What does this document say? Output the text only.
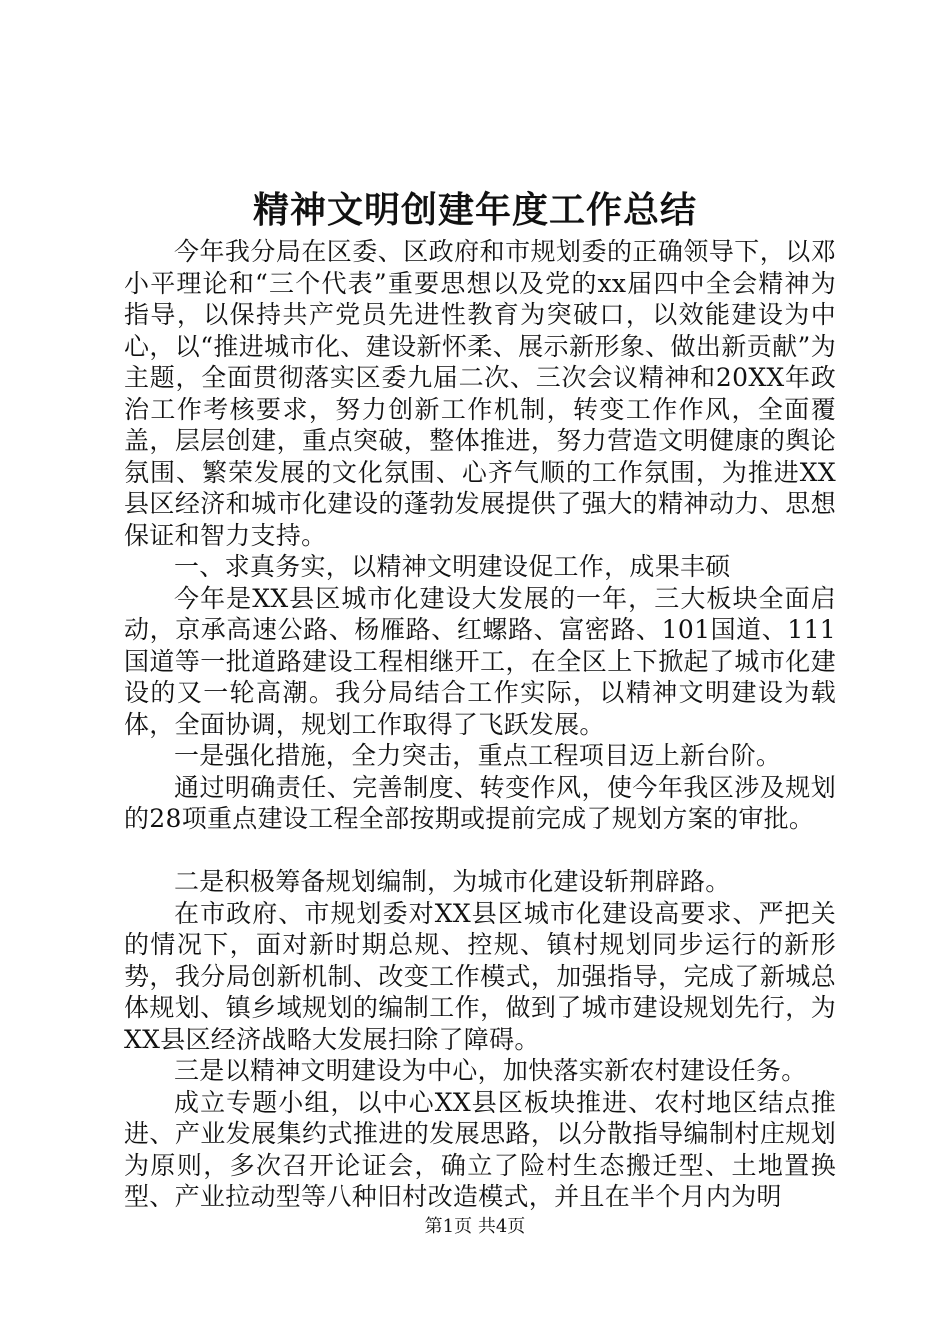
精神文明创建年度工作总结

今年我分局在区委、区政府和市规划委的正确领导下，以邓小平理论和“三个代表”重要思想以及党的xx届四中全会精神为指导，以保持共产党员先进性教育为突破口，以效能建设为中心，以“推进城市化、建设新怀柔、展示新形象、做出新贡献”为主题，全面贯彻落实区委九届二次、三次会议精神和20XX年政治工作考核要求，努力创新工作机制，转变工作作风，全面覆盖，层层创建，重点突破，整体推进，努力营造文明健康的舆论氛围、繁荣发展的文化氛围、心齐气顺的工作氛围，为推进XX县区经济和城市化建设的蓬勃发展提供了强大的精神动力、思想保证和智力支持。

一、求真务实，以精神文明建设促工作，成果丰硕

今年是XX县区城市化建设大发展的一年，三大板块全面启动，京承高速公路、杨雁路、红螺路、富密路、101国道、111国道等一批道路建设工程相继开工，在全区上下掀起了城市化建设的又一轮高潮。我分局结合工作实际，以精神文明建设为载体，全面协调，规划工作取得了飞跃发展。

一是强化措施，全力突击，重点工程项目迈上新台阶。

通过明确责任、完善制度、转变作风，使今年我区涉及规划的28项重点建设工程全部按期或提前完成了规划方案的审批。

二是积极筹备规划编制，为城市化建设斩荆辟路。

在市政府、市规划委对XX县区城市化建设高要求、严把关的情况下，面对新时期总规、控规、镇村规划同步运行的新形势，我分局创新机制、改变工作模式，加强指导，完成了新城总体规划、镇乡域规划的编制工作，做到了城市建设规划先行，为XX县区经济战略大发展扫除了障碍。

三是以精神文明建设为中心，加快落实新农村建设任务。

成立专题小组，以中心XX县区板块推进、农村地区结点推进、产业发展集约式推进的发展思路，以分散指导编制村庄规划为原则，多次召开论证会，确立了险村生态搬迁型、土地置换型、产业拉动型等八种旧村改造模式，并且在半个月内为明

第1页 共4页
